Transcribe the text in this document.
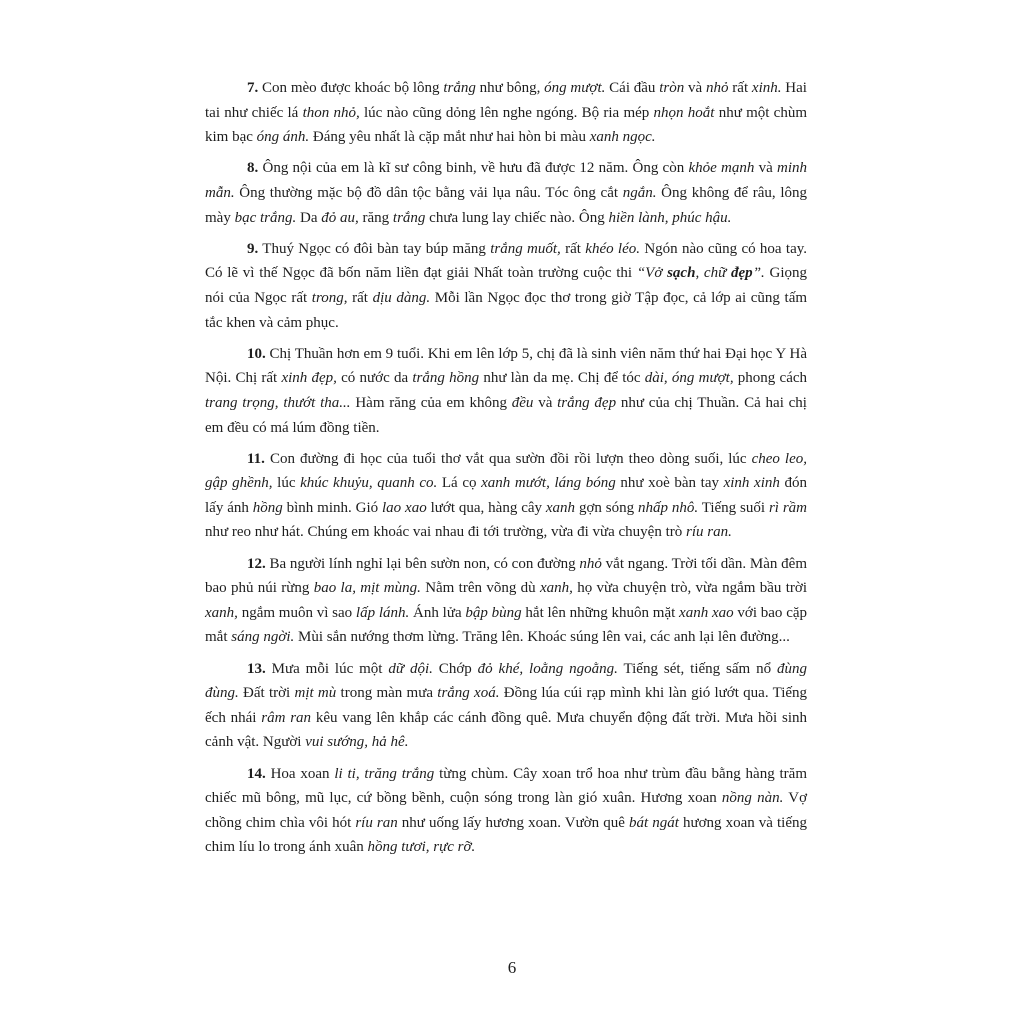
7. Con mèo được khoác bộ lông trắng như bông, óng mượt. Cái đầu tròn và nhỏ rất xinh. Hai tai như chiếc lá thon nhỏ, lúc nào cũng dỏng lên nghe ngóng. Bộ ria mép nhọn hoắt như một chùm kim bạc óng ánh. Đáng yêu nhất là cặp mắt như hai hòn bi màu xanh ngọc.

8. Ông nội của em là kĩ sư công binh, về hưu đã được 12 năm. Ông còn khỏe mạnh và minh mẫn. Ông thường mặc bộ đồ dân tộc bằng vải lụa nâu. Tóc ông cắt ngắn. Ông không để râu, lông mày bạc trắng. Da đỏ au, răng trắng chưa lung lay chiếc nào. Ông hiền lành, phúc hậu.

9. Thuý Ngọc có đôi bàn tay búp măng trắng muốt, rất khéo léo. Ngón nào cũng có hoa tay. Có lẽ vì thế Ngọc đã bốn năm liền đạt giải Nhất toàn trường cuộc thi “Vở sạch, chữ đẹp”. Giọng nói của Ngọc rất trong, rất dịu dàng. Mỗi lần Ngọc đọc thơ trong giờ Tập đọc, cả lớp ai cũng tấm tắc khen và cảm phục.

10. Chị Thuần hơn em 9 tuổi. Khi em lên lớp 5, chị đã là sinh viên năm thứ hai Đại học Y Hà Nội. Chị rất xinh đẹp, có nước da trắng hồng như làn da mẹ. Chị để tóc dài, óng mượt, phong cách trang trọng, thướt tha... Hàm răng của em không đều và trắng đẹp như của chị Thuần. Cả hai chị em đều có má lúm đồng tiền.

11. Con đường đi học của tuổi thơ vắt qua sườn đồi rồi lượn theo dòng suối, lúc cheo leo, gập ghềnh, lúc khúc khuỷu, quanh co. Lá cọ xanh mướt, láng bóng như xoè bàn tay xinh xinh đón lấy ánh hồng bình minh. Gió lao xao lướt qua, hàng cây xanh gợn sóng nhấp nhô. Tiếng suối rì rầm như reo như hát. Chúng em khoác vai nhau đi tới trường, vừa đi vừa chuyện trò ríu ran.

12. Ba người lính nghỉ lại bên sườn non, có con đường nhỏ vắt ngang. Trời tối dần. Màn đêm bao phủ núi rừng bao la, mịt mùng. Nằm trên võng dù xanh, họ vừa chuyện trò, vừa ngắm bầu trời xanh, ngắm muôn vì sao lấp lánh. Ánh lửa bập bùng hắt lên những khuôn mặt xanh xao với bao cặp mắt sáng ngời. Mùi sắn nướng thơm lừng. Trăng lên. Khoác súng lên vai, các anh lại lên đường...

13. Mưa mỗi lúc một dữ dội. Chớp đỏ khé, loằng ngoằng. Tiếng sét, tiếng sấm nổ đùng đùng. Đất trời mịt mù trong màn mưa trắng xoá. Đồng lúa cúi rạp mình khi làn gió lướt qua. Tiếng ếch nhái râm ran kêu vang lên khắp các cánh đồng quê. Mưa chuyển động đất trời. Mưa hồi sinh cảnh vật. Người vui sướng, hả hê.

14. Hoa xoan li ti, trăng trắng từng chùm. Cây xoan trổ hoa như trùm đầu bằng hàng trăm chiếc mũ bông, mũ lục, cứ bồng bềnh, cuộn sóng trong làn gió xuân. Hương xoan nồng nàn. Vợ chồng chim chìa vôi hót ríu ran như uống lấy hương xoan. Vườn quê bát ngát hương xoan và tiếng chim líu lo trong ánh xuân hồng tươi, rực rỡ.

6
